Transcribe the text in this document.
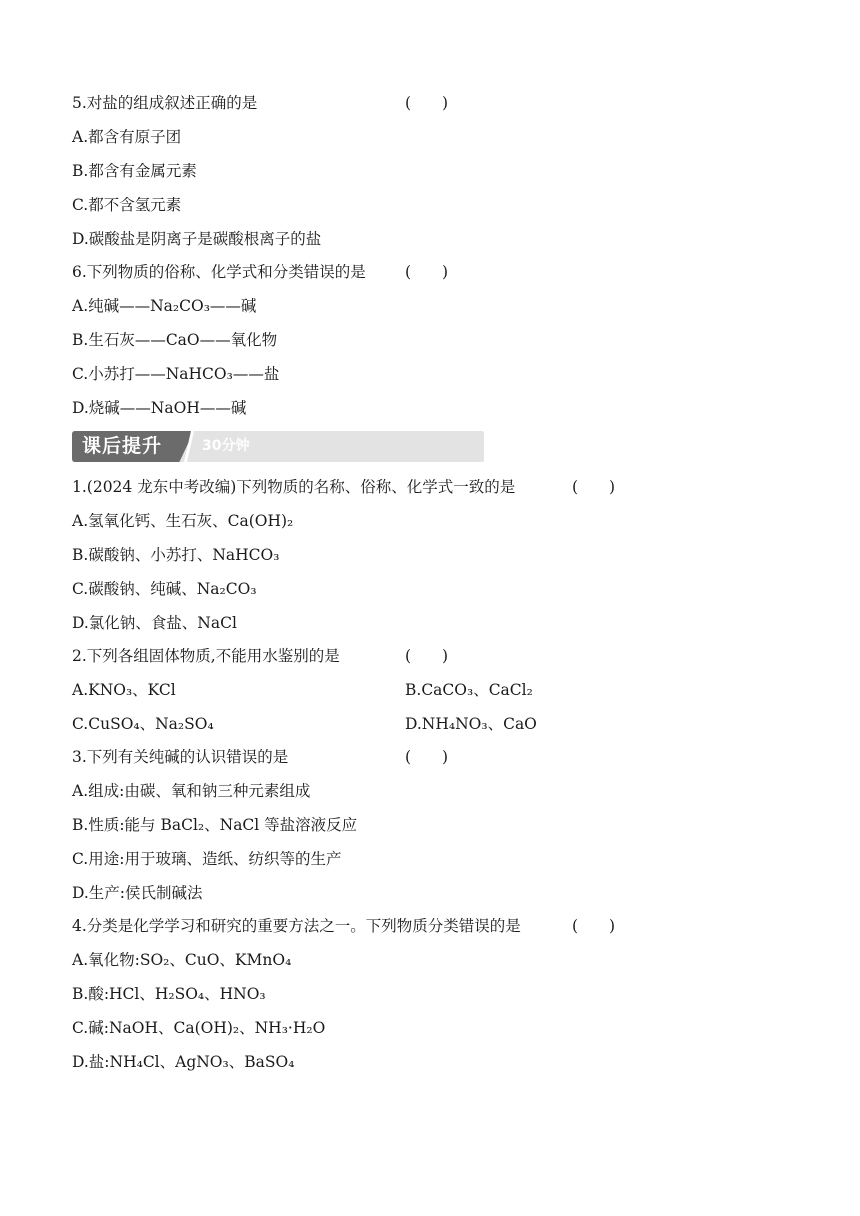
5.对盐的组成叙述正确的是	(　　)
A.都含有原子团
B.都含有金属元素
C.都不含氢元素
D.碳酸盐是阴离子是碳酸根离子的盐
6.下列物质的俗称、化学式和分类错误的是	(　　)
A.纯碱——Na₂CO₃——碱
B.生石灰——CaO——氧化物
C.小苏打——NaHCO₃——盐
D.烧碱——NaOH——碱
课后提升	30分钟
1.(2024 龙东中考改编)下列物质的名称、俗称、化学式一致的是	(　　)
A.氢氧化钙、生石灰、Ca(OH)₂
B.碳酸钠、小苏打、NaHCO₃
C.碳酸钠、纯碱、Na₂CO₃
D.氯化钠、食盐、NaCl
2.下列各组固体物质,不能用水鉴别的是	(　　)
A.KNO₃、KCl	B.CaCO₃、CaCl₂
C.CuSO₄、Na₂SO₄	D.NH₄NO₃、CaO
3.下列有关纯碱的认识错误的是	(　　)
A.组成:由碳、氧和钠三种元素组成
B.性质:能与 BaCl₂、NaCl 等盐溶液反应
C.用途:用于玻璃、造纸、纺织等的生产
D.生产:侯氏制碱法
4.分类是化学学习和研究的重要方法之一。下列物质分类错误的是	(　　)
A.氧化物:SO₂、CuO、KMnO₄
B.酸:HCl、H₂SO₄、HNO₃
C.碱:NaOH、Ca(OH)₂、NH₃·H₂O
D.盐:NH₄Cl、AgNO₃、BaSO₄
